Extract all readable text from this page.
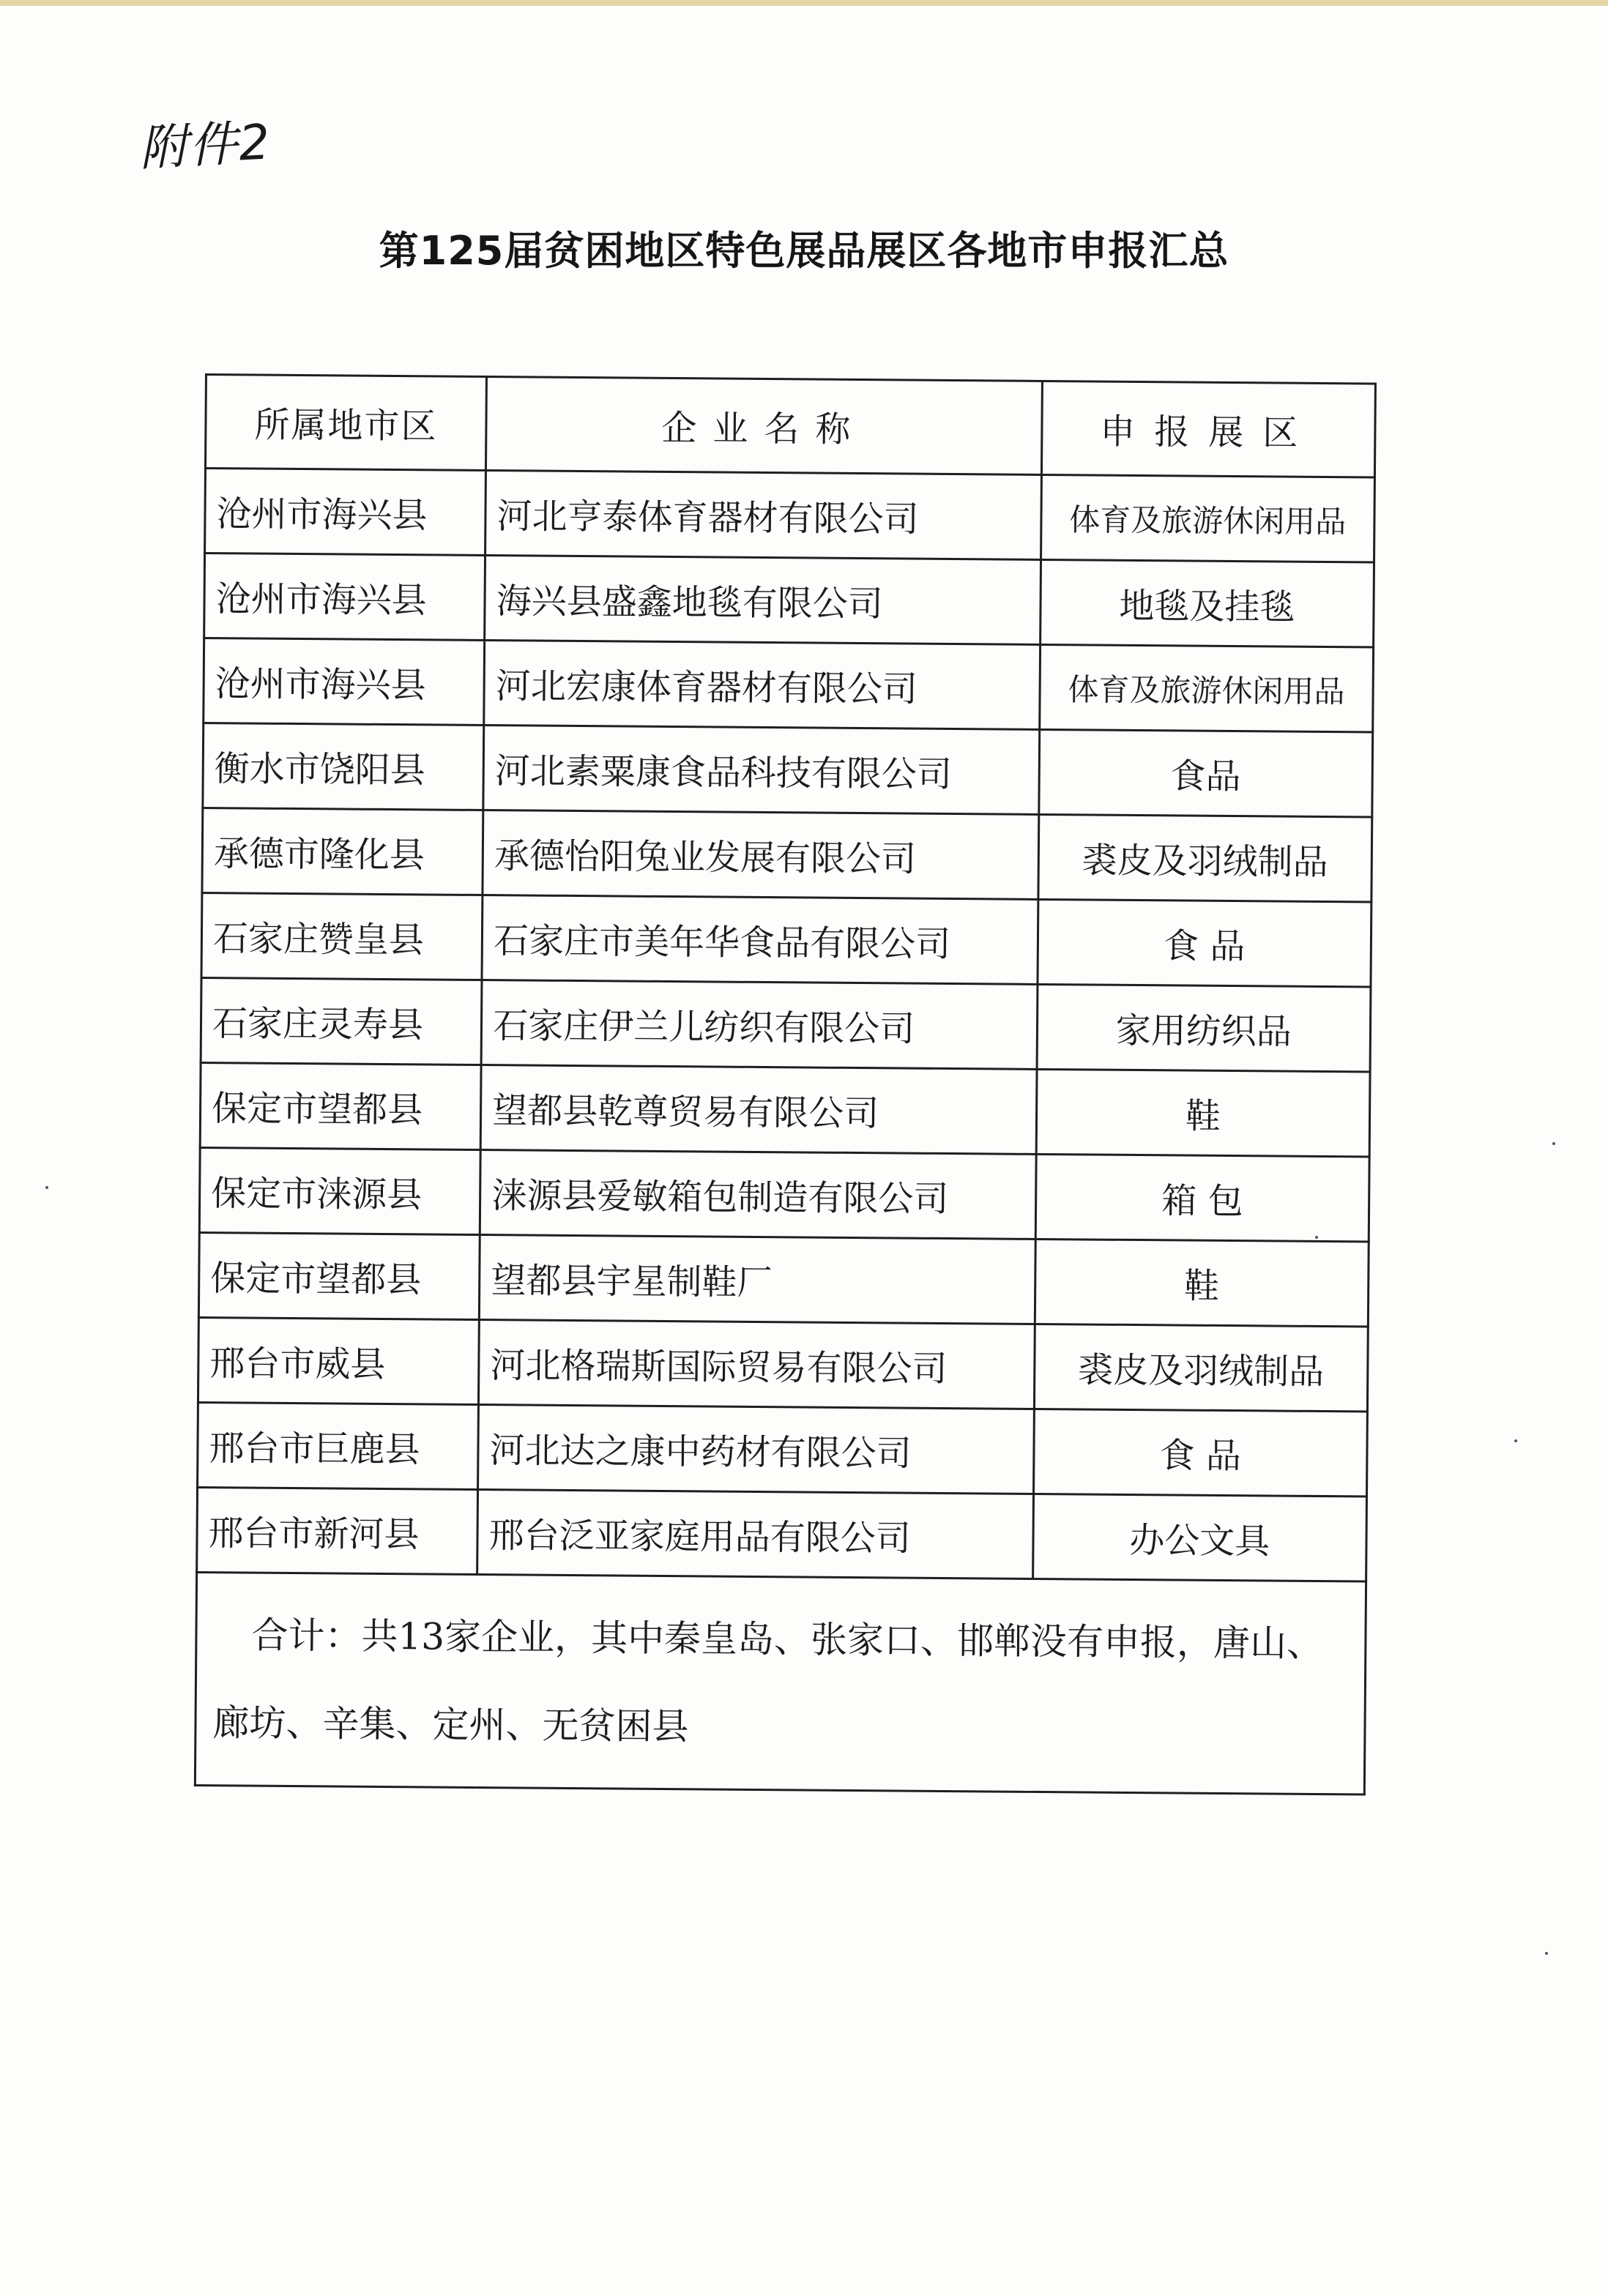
附件2
第125届贫困地区特色展品展区各地市申报汇总
所属地市区	企业名称	申报展区
沧州市海兴县	河北亨泰体育器材有限公司	体育及旅游休闲用品
沧州市海兴县	海兴县盛鑫地毯有限公司	地毯及挂毯
沧州市海兴县	河北宏康体育器材有限公司	体育及旅游休闲用品
衡水市饶阳县	河北素粟康食品科技有限公司	食品
承德市隆化县	承德怡阳兔业发展有限公司	裘皮及羽绒制品
石家庄赞皇县	石家庄市美年华食品有限公司	食 品
石家庄灵寿县	石家庄伊兰儿纺织有限公司	家用纺织品
保定市望都县	望都县乾尊贸易有限公司	鞋
保定市涞源县	涞源县爱敏箱包制造有限公司	箱 包
保定市望都县	望都县宇星制鞋厂	鞋
邢台市威县	河北格瑞斯国际贸易有限公司	裘皮及羽绒制品
邢台市巨鹿县	河北达之康中药材有限公司	食 品
邢台市新河县	邢台泛亚家庭用品有限公司	办公文具
合计：共13家企业，其中秦皇岛、张家口、邯郸没有申报，唐山、廊坊、辛集、定州、无贫困县		
